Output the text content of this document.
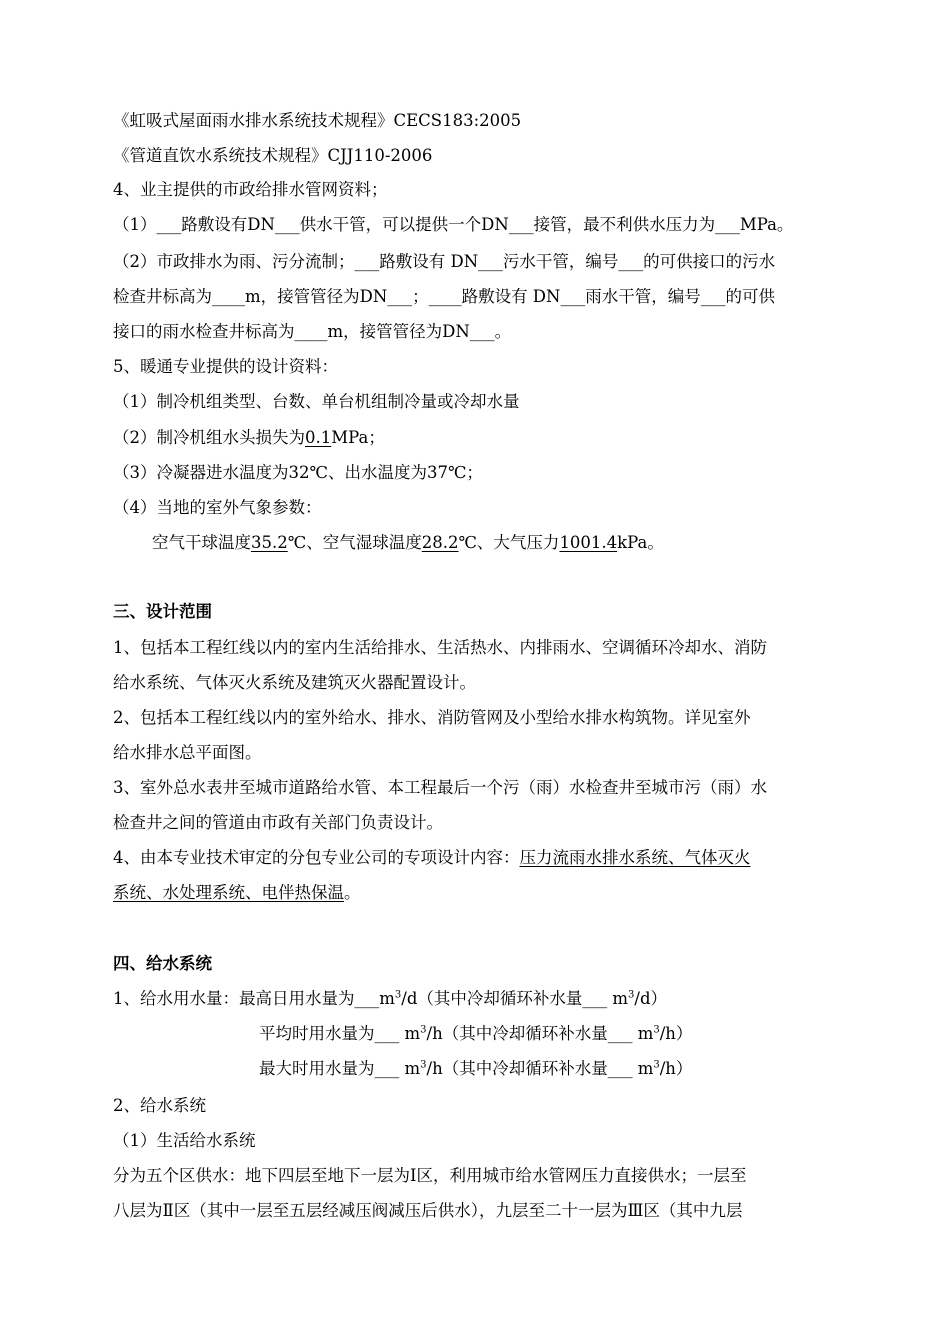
《虹吸式屋面雨水排水系统技术规程》CECS183:2005
《管道直饮水系统技术规程》CJJ110-2006
4、业主提供的市政给排水管网资料；
（1）___路敷设有DN___供水干管，可以提供一个DN___接管，最不利供水压力为___MPa。
（2）市政排水为雨、污分流制；___路敷设有 DN___污水干管，编号___的可供接口的污水
检查井标高为____m，接管管径为DN___；____路敷设有 DN___雨水干管，编号___的可供
接口的雨水检查井标高为____m，接管管径为DN___。
5、暖通专业提供的设计资料：
（1）制冷机组类型、台数、单台机组制冷量或冷却水量
（2）制冷机组水头损失为0.1MPa；
（3）冷凝器进水温度为32℃、出水温度为37℃；
（4）当地的室外气象参数：
空气干球温度35.2℃、空气湿球温度28.2℃、大气压力1001.4kPa。
三、设计范围
1、包括本工程红线以内的室内生活给排水、生活热水、内排雨水、空调循环冷却水、消防
给水系统、气体灭火系统及建筑灭火器配置设计。
2、包括本工程红线以内的室外给水、排水、消防管网及小型给水排水构筑物。详见室外
给水排水总平面图。
3、室外总水表井至城市道路给水管、本工程最后一个污（雨）水检查井至城市污（雨）水
检查井之间的管道由市政有关部门负责设计。
4、由本专业技术审定的分包专业公司的专项设计内容：压力流雨水排水系统、气体灭火
系统、水处理系统、电伴热保温。
四、给水系统
1、给水用水量：最高日用水量为$\_\_\_m^3/d$（其中冷却循环补水量___ $m^3/d$）
平均时用水量为___ $m^3/h$（其中冷却循环补水量___ $m^3/h$）
最大时用水量为___ $m^3/h$（其中冷却循环补水量___ $m^3/h$）
2、给水系统
（1）生活给水系统
分为五个区供水：地下四层至地下一层为Ⅰ区，利用城市给水管网压力直接供水；一层至
八层为Ⅱ区（其中一层至五层经减压阀减压后供水），九层至二十一层为Ⅲ区（其中九层
